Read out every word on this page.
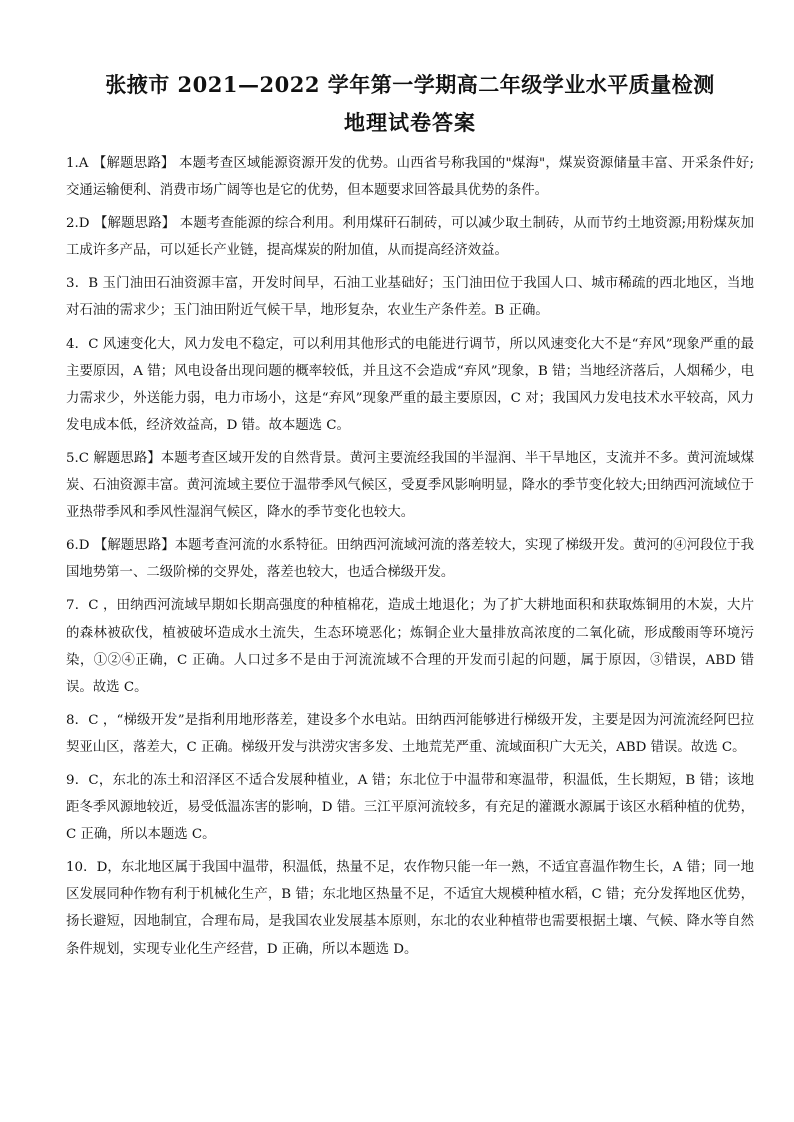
张掖市 2021—2022 学年第一学期高二年级学业水平质量检测
地理试卷答案

1.A 【解题思路】 本题考查区域能源资源开发的优势。山西省号称我国的"煤海"，煤炭资源储量丰富、开采条件好;交通运输便利、消费市场广阔等也是它的优势，但本题要求回答最具优势的条件。

2.D 【解题思路】 本题考查能源的综合利用。利用煤矸石制砖，可以减少取土制砖，从而节约土地资源;用粉煤灰加工成许多产品，可以延长产业链，提高煤炭的附加值，从而提高经济效益。

3．B 玉门油田石油资源丰富，开发时间早，石油工业基础好；玉门油田位于我国人口、城市稀疏的西北地区，当地对石油的需求少；玉门油田附近气候干旱，地形复杂，农业生产条件差。B 正确。

4．C 风速变化大，风力发电不稳定，可以利用其他形式的电能进行调节，所以风速变化大不是“弃风”现象严重的最主要原因，A 错；风电设备出现问题的概率较低，并且这不会造成“弃风”现象，B 错；当地经济落后，人烟稀少，电力需求少，外送能力弱，电力市场小，这是“弃风”现象严重的最主要原因，C 对；我国风力发电技术水平较高，风力发电成本低，经济效益高，D 错。故本题选 C。

5.C 解题思路】本题考查区域开发的自然背景。黄河主要流经我国的半湿润、半干旱地区，支流并不多。黄河流域煤炭、石油资源丰富。黄河流域主要位于温带季风气候区，受夏季风影响明显，降水的季节变化较大;田纳西河流域位于亚热带季风和季风性湿润气候区，降水的季节变化也较大。

6.D 【解题思路】本题考查河流的水系特征。田纳西河流域河流的落差较大，实现了梯级开发。黄河的④河段位于我国地势第一、二级阶梯的交界处，落差也较大，也适合梯级开发。

7．C ，田纳西河流域早期如长期高强度的种植棉花，造成土地退化；为了扩大耕地面积和获取炼铜用的木炭，大片的森林被砍伐，植被破坏造成水土流失，生态环境恶化；炼铜企业大量排放高浓度的二氧化硫，形成酸雨等环境污染，①②④正确，C 正确。人口过多不是由于河流流域不合理的开发而引起的问题，属于原因，③错误，ABD 错误。故选 C。

8．C ，“梯级开发”是指利用地形落差，建设多个水电站。田纳西河能够进行梯级开发，主要是因为河流流经阿巴拉契亚山区，落差大，C 正确。梯级开发与洪涝灾害多发、土地荒芜严重、流域面积广大无关，ABD 错误。故选 C。

9．C，东北的冻土和沼泽区不适合发展种植业，A 错；东北位于中温带和寒温带，积温低，生长期短，B 错；该地距冬季风源地较近，易受低温冻害的影响，D 错。三江平原河流较多，有充足的灌溉水源属于该区水稻种植的优势，C 正确，所以本题选 C。

10．D，东北地区属于我国中温带，积温低，热量不足，农作物只能一年一熟，不适宜喜温作物生长，A 错；同一地区发展同种作物有利于机械化生产，B 错；东北地区热量不足，不适宜大规模种植水稻，C 错；充分发挥地区优势，扬长避短，因地制宜，合理布局，是我国农业发展基本原则，东北的农业种植带也需要根据土壤、气候、降水等自然条件规划，实现专业化生产经营，D 正确，所以本题选 D。
